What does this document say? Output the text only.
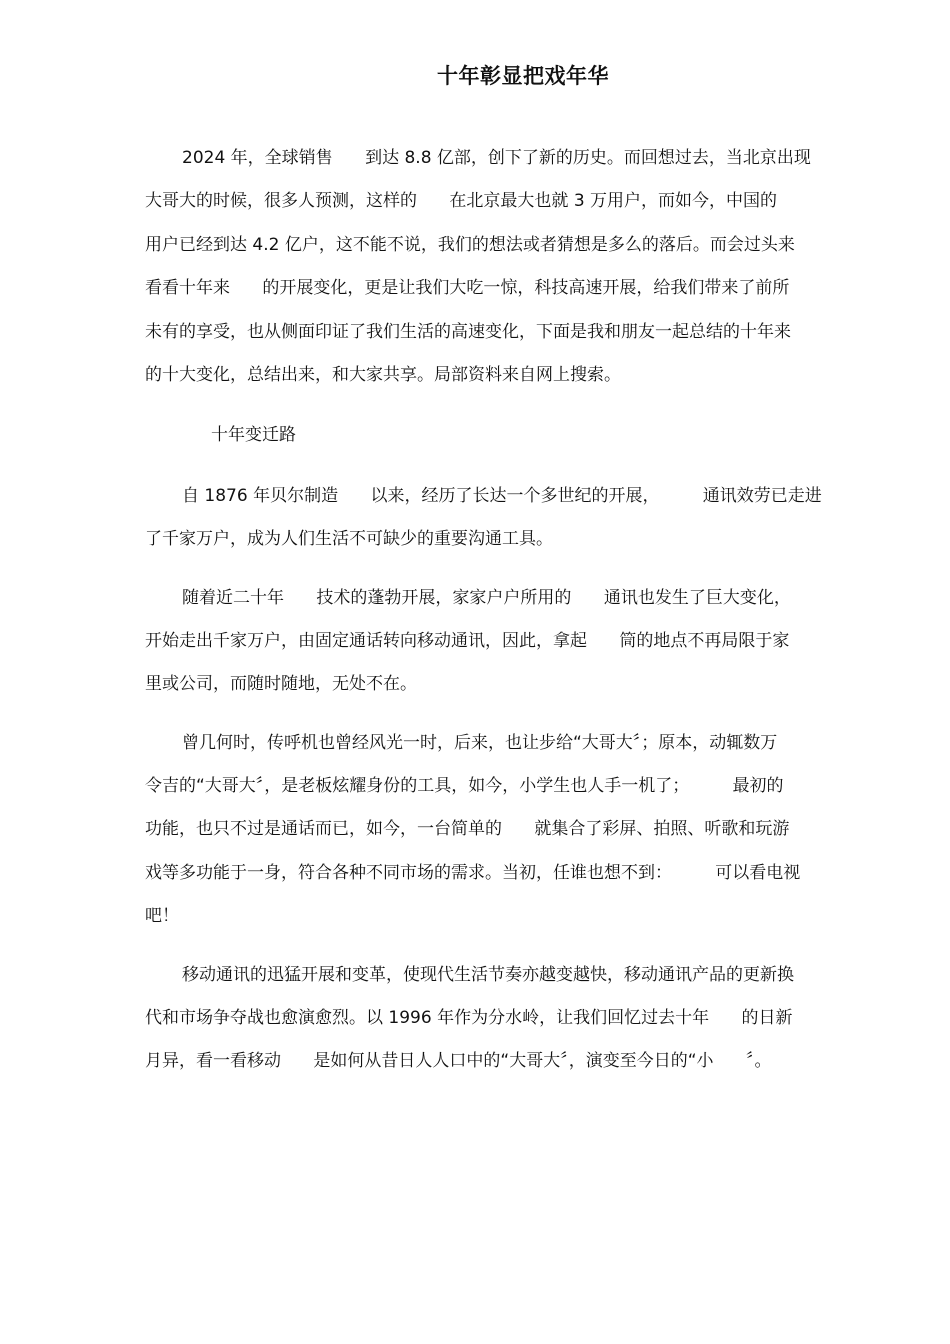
十年彰显把戏年华
2024 年，全球销售      到达 8.8 亿部，创下了新的历史。而回想过去，当北京出现
大哥大的时候，很多人预测，这样的      在北京最大也就 3 万用户，而如今，中国的
用户已经到达 4.2 亿户，这不能不说，我们的想法或者猜想是多么的落后。而会过头来
看看十年来      的开展变化，更是让我们大吃一惊，科技高速开展，给我们带来了前所
未有的享受，也从侧面印证了我们生活的高速变化，下面是我和朋友一起总结的十年来
的十大变化，总结出来，和大家共享。局部资料来自网上搜索。
十年变迁路
自 1876 年贝尔制造      以来，经历了长达一个多世纪的开展，        通讯效劳已走进
了千家万户，成为人们生活不可缺少的重要沟通工具。
随着近二十年      技术的蓬勃开展，家家户户所用的      通讯也发生了巨大变化，
开始走出千家万户，由固定通话转向移动通讯，因此，拿起      筒的地点不再局限于家
里或公司，而随时随地，无处不在。
曾几何时，传呼机也曾经风光一时，后来，也让步给“大哥大〞；原本，动辄数万
令吉的“大哥大〞，是老板炫耀身份的工具，如今，小学生也人手一机了；        最初的
功能，也只不过是通话而已，如今，一台简单的      就集合了彩屏、拍照、听歌和玩游
戏等多功能于一身，符合各种不同市场的需求。当初，任谁也想不到：        可以看电视
吧！
移动通讯的迅猛开展和变革，使现代生活节奏亦越变越快，移动通讯产品的更新换
代和市场争夺战也愈演愈烈。以 1996 年作为分水岭，让我们回忆过去十年      的日新
月异，看一看移动      是如何从昔日人人口中的“大哥大〞，演变至今日的“小      〞。
